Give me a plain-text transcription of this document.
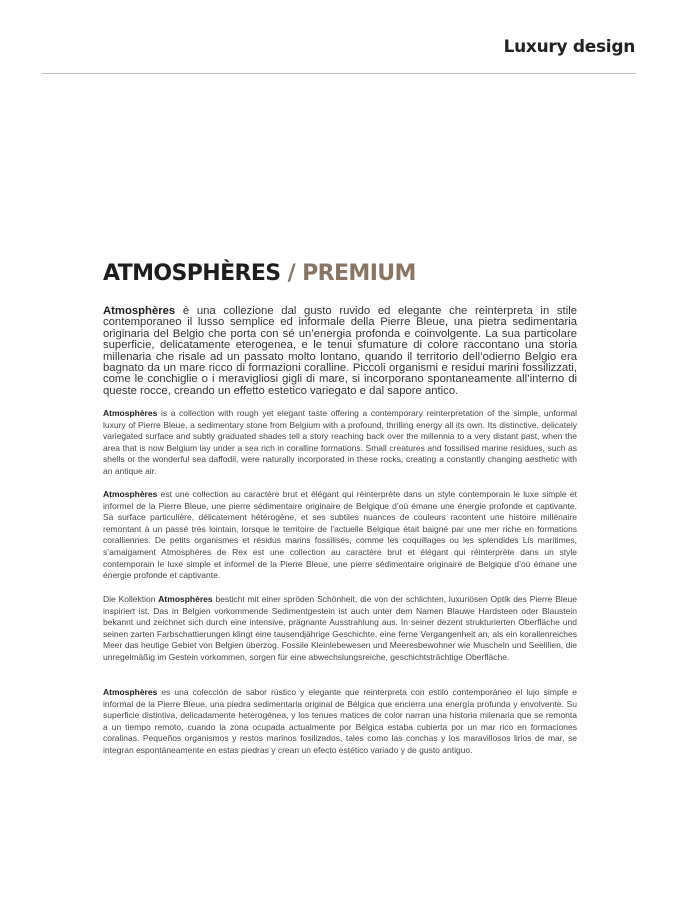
Luxury design
ATMOSPHÈRES / PREMIUM

Atmosphères è una collezione dal gusto ruvido ed elegante che reinterpreta in stile contemporaneo il lusso semplice ed informale della Pierre Bleue, una pietra sedimentaria originaria del Belgio che porta con sé un’energia profonda e coinvolgente. La sua particolare superficie, delicatamente eterogenea, e le tenui sfumature di colore raccontano una storia millenaria che risale ad un passato molto lontano, quando il territorio dell’odierno Belgio era bagnato da un mare ricco di formazioni coralline. Piccoli organismi e residui marini fossilizzati, come le conchiglie o i meravigliosi gigli di mare, si incorporano spontaneamente all’interno di queste rocce, creando un effetto estetico variegato e dal sapore antico.

Atmosphères is a collection with rough yet elegant taste offering a contemporary reinterpretation of the simple, unformal luxury of Pierre Bleue, a sedimentary stone from Belgium with a profound, thrilling energy all its own. Its distinctive, delicately variegated surface and subtly graduated shades tell a story reaching back over the millennia to a very distant past, when the area that is now Belgium lay under a sea rich in coralline formations. Small creatures and fossilised marine residues, such as shells or the wonderful sea daffodil, were naturally incorporated in these rocks, creating a constantly changing aesthetic with an antique air.

Atmosphères est une collection au caractère brut et élégant qui réinterprète dans un style contemporain le luxe simple et informel de la Pierre Bleue, une pierre sédimentaire originaire de Belgique d’où émane une énergie profonde et captivante. Sa surface particulière, délicatement hétérogène, et ses subtiles nuances de couleurs racontent une histoire millénaire remontant à un passé très lointain, lorsque le territoire de l’actuelle Belgique était baigné par une mer riche en formations coralliennes. De petits organismes et résidus marins fossilisés, comme les coquillages ou les splendides Lis maritimes, s’amalgament Atmosphères de Rex est une collection au caractère brut et élégant qui réinterprète dans un style contemporain le luxe simple et informel de la Pierre Bleue, une pierre sédimentaire originaire de Belgique d’où émane une énergie profonde et captivante.

Die Kollektion Atmosphères besticht mit einer spröden Schönheit, die von der schlichten, luxuriösen Optik des Pierre Bleue inspiriert ist. Das in Belgien vorkommende Sedimentgestein ist auch unter dem Namen Blauwe Hardsteen oder Blaustein bekannt und zeichnet sich durch eine intensive, prägnante Ausstrahlung aus. In seiner dezent strukturierten Oberfläche und seinen zarten Farbschattierungen klingt eine tausendjährige Geschichte, eine ferne Vergangenheit an, als ein korallenreiches Meer das heutige Gebiet von Belgien überzog. Fossile Kleinlebewesen und Meeresbewohner wie Muscheln und Seelilien, die unregelmäßig im Gestein vorkommen, sorgen für eine abwechslungsreiche, geschichtsträchtige Oberfläche.

Atmosphères es una colección de sabor rústico y elegante que reinterpreta con estilo contemporáneo el lujo simple e informal de la Pierre Bleue, una piedra sedimentaria original de Bélgica que encierra una energía profunda y envolvente. Su superficie distintiva, delicadamente heterogénea, y los tenues matices de color narran una historia milenaria que se remonta a un tiempo remoto, cuando la zona ocupada actualmente por Bélgica estaba cubierta por un mar rico en formaciones coralinas. Pequeños organismos y restos marinos fosilizados, tales como las conchas y los maravillosos lirios de mar, se integran espontáneamente en estas piedras y crean un efecto estético variado y de gusto antiguo.
